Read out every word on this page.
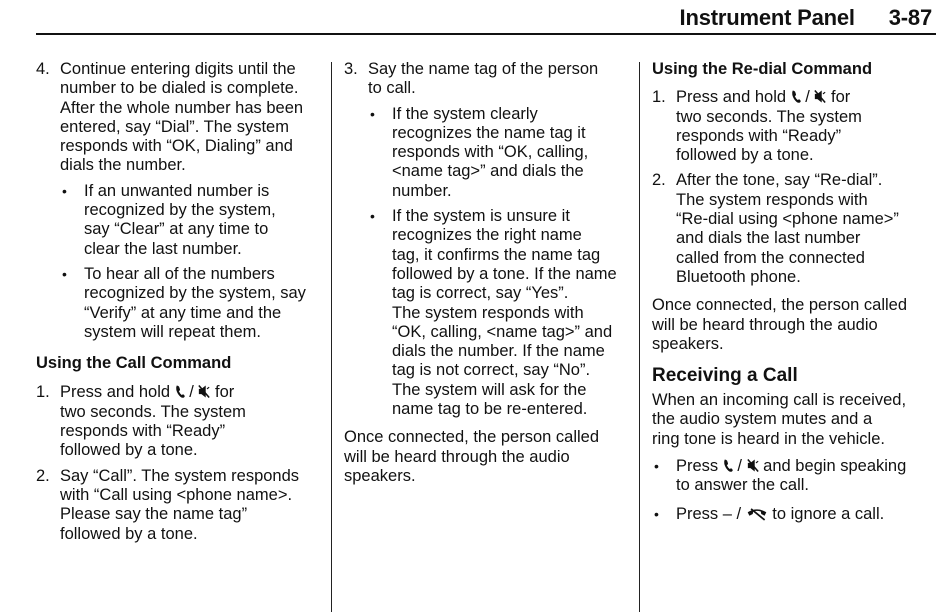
Instrument Panel 3-87
4. Continue entering digits until the

number to be dialed is complete.

After the whole number has been

entered, say “Dial”. The system

responds with “OK, Dialing” and

dials the number.

• If an unwanted number is

recognized by the system,

say “Clear” at any time to

clear the last number.

• To hear all of the numbers

recognized by the system, say

“Verify” at any time and the

system will repeat them.

Using the Call Command

1. Press and hold / for

two seconds. The system

responds with “Ready”

followed by a tone.

2. Say “Call”. The system responds

with “Call using <phone name>.

Please say the name tag”

followed by a tone.

3. Say the name tag of the person

to call.

• If the system clearly

recognizes the name tag it

responds with “OK, calling,

<name tag>” and dials the

number.

• If the system is unsure it

recognizes the right name

tag, it confirms the name tag

followed by a tone. If the name

tag is correct, say “Yes”.

The system responds with

“OK, calling, <name tag>” and

dials the number. If the name

tag is not correct, say “No”.

The system will ask for the

name tag to be re-entered.

Once connected, the person called

will be heard through the audio

speakers.

Using the Re-dial Command

1. Press and hold / for

two seconds. The system

responds with “Ready”

followed by a tone.

2. After the tone, say “Re-dial”.

The system responds with

“Re-dial using <phone name>”

and dials the last number

called from the connected

Bluetooth phone.

Once connected, the person called

will be heard through the audio

speakers.

Receiving a Call

When an incoming call is received,

the audio system mutes and a

ring tone is heard in the vehicle.

• Press / and begin speaking

to answer the call.

• Press – / to ignore a call.
